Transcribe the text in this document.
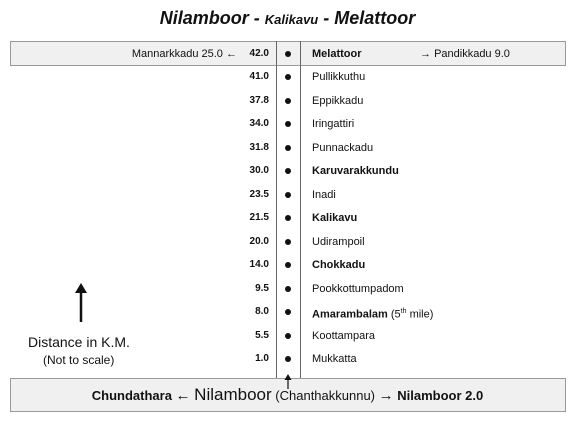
Nilamboor - Kalikavu - Melattoor
Mannarkkadu 25.0 ← 42.0	Melattoor	→ Pandikkadu 9.0
41.0	Pullikkuthu
37.8	Eppikkadu
34.0	Iringattiri
31.8	Punnackadu
30.0	Karuvarakkundu
23.5	Inadi
21.5	Kalikavu
20.0	Udirampoil
14.0	Chokkadu
9.5	Pookkottumpadom
8.0	Amarambalam (5th mile)
5.5	Koottampara
1.0	Mukkatta
Distance in K.M.
(Not to scale)
Chundathara ← Nilamboor (Chanthakkunnu) → Nilamboor 2.0
